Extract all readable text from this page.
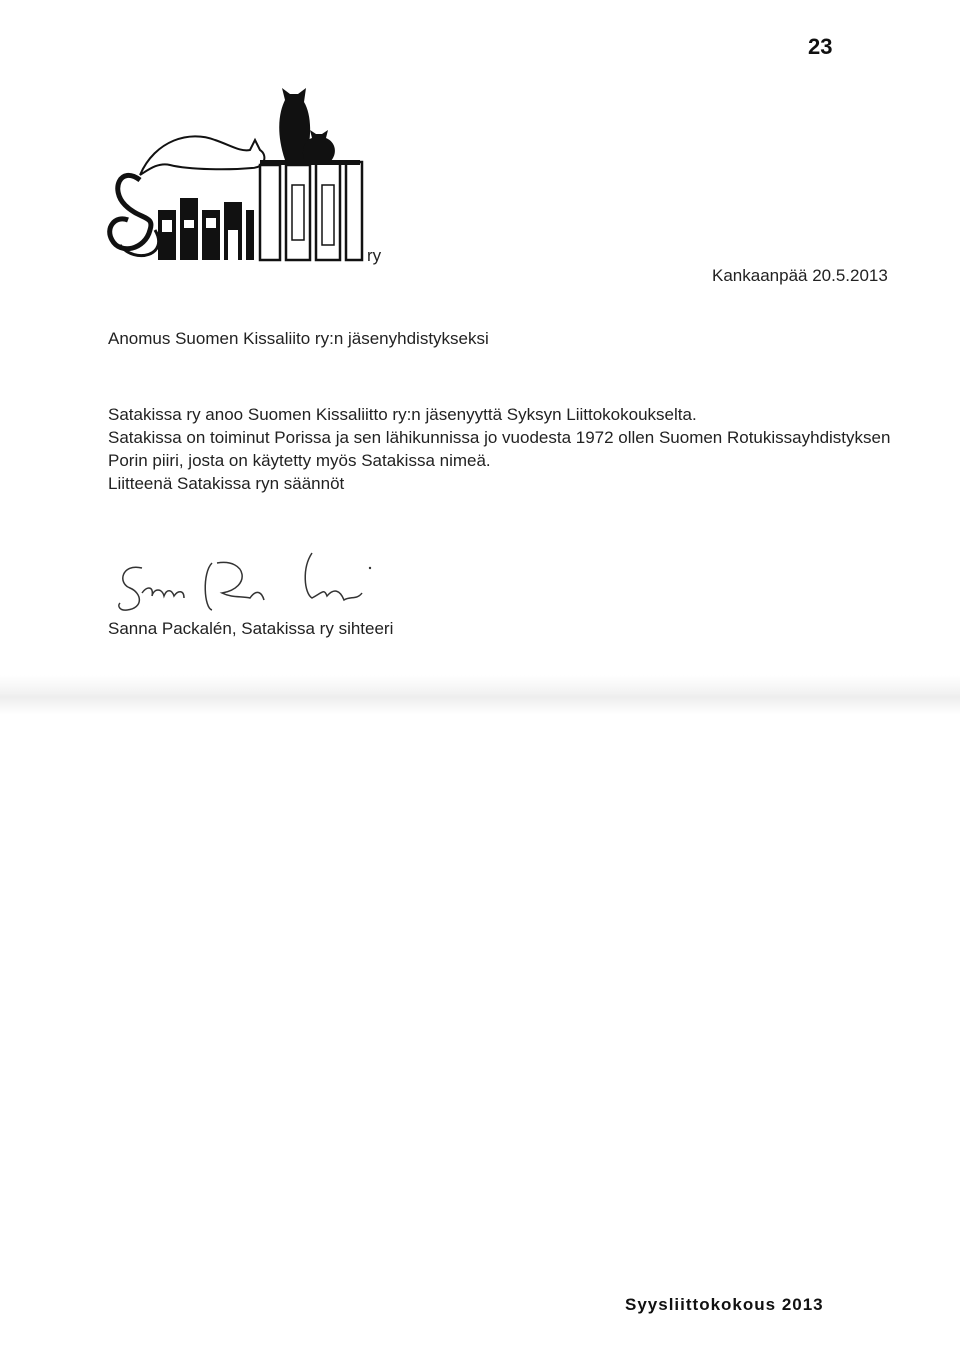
23
ry
Kankaanpää 20.5.2013
Anomus Suomen Kissaliito ry:n jäsenyhdistykseksi

Satakissa ry anoo Suomen Kissaliitto ry:n jäsenyyttä Syksyn Liittokokoukselta.

Satakissa on toiminut Porissa ja sen lähikunnissa jo vuodesta 1972 ollen Suomen Rotukissayhdistyksen

Porin piiri, josta on käytetty myös Satakissa nimeä.

Liitteenä Satakissa ryn säännöt

Sanna Packalén, Satakissa ry sihteeri
Syysliittokokous 2013
